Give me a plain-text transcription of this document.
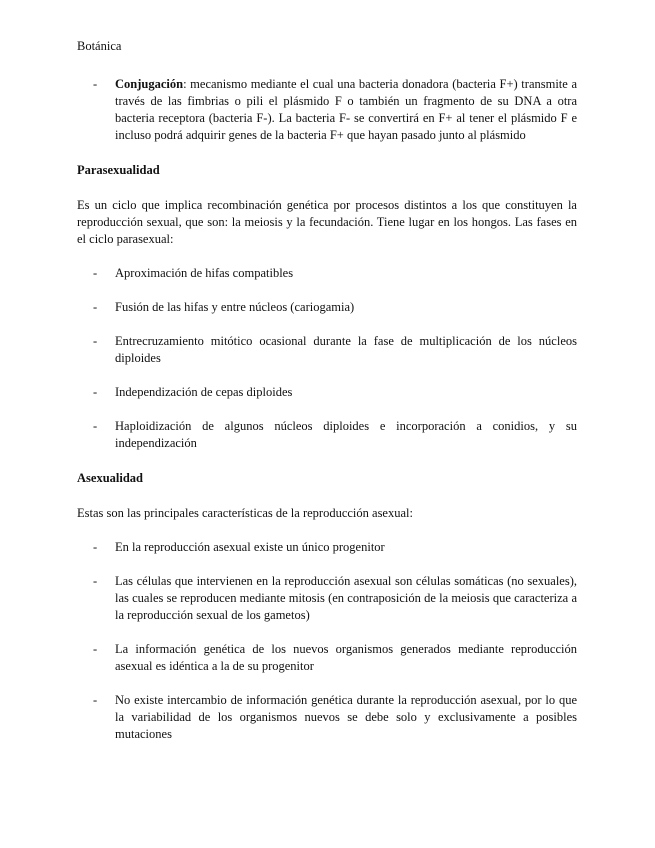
Botánica
- Conjugación: mecanismo mediante el cual una bacteria donadora (bacteria F+) transmite a través de las fimbrias o pili el plásmido F o también un fragmento de su DNA a otra bacteria receptora (bacteria F-). La bacteria F- se convertirá en F+ al tener el plásmido F e incluso podrá adquirir genes de la bacteria F+ que hayan pasado junto al plásmido
Parasexualidad
Es un ciclo que implica recombinación genética por procesos distintos a los que constituyen la reproducción sexual, que son: la meiosis y la fecundación. Tiene lugar en los hongos. Las fases en el ciclo parasexual:
- Aproximación de hifas compatibles
- Fusión de las hifas y entre núcleos (cariogamia)
- Entrecruzamiento mitótico ocasional durante la fase de multiplicación de los núcleos diploides
- Independización de cepas diploides
- Haploidización de algunos núcleos diploides e incorporación a conidios, y su independización
Asexualidad
Estas son las principales características de la reproducción asexual:
- En la reproducción asexual existe un único progenitor
- Las células que intervienen en la reproducción asexual son células somáticas (no sexuales), las cuales se reproducen mediante mitosis (en contraposición de la meiosis que caracteriza a la reproducción sexual de los gametos)
- La información genética de los nuevos organismos generados mediante reproducción asexual es idéntica a la de su progenitor
- No existe intercambio de información genética durante la reproducción asexual, por lo que la variabilidad de los organismos nuevos se debe solo y exclusivamente a posibles mutaciones
